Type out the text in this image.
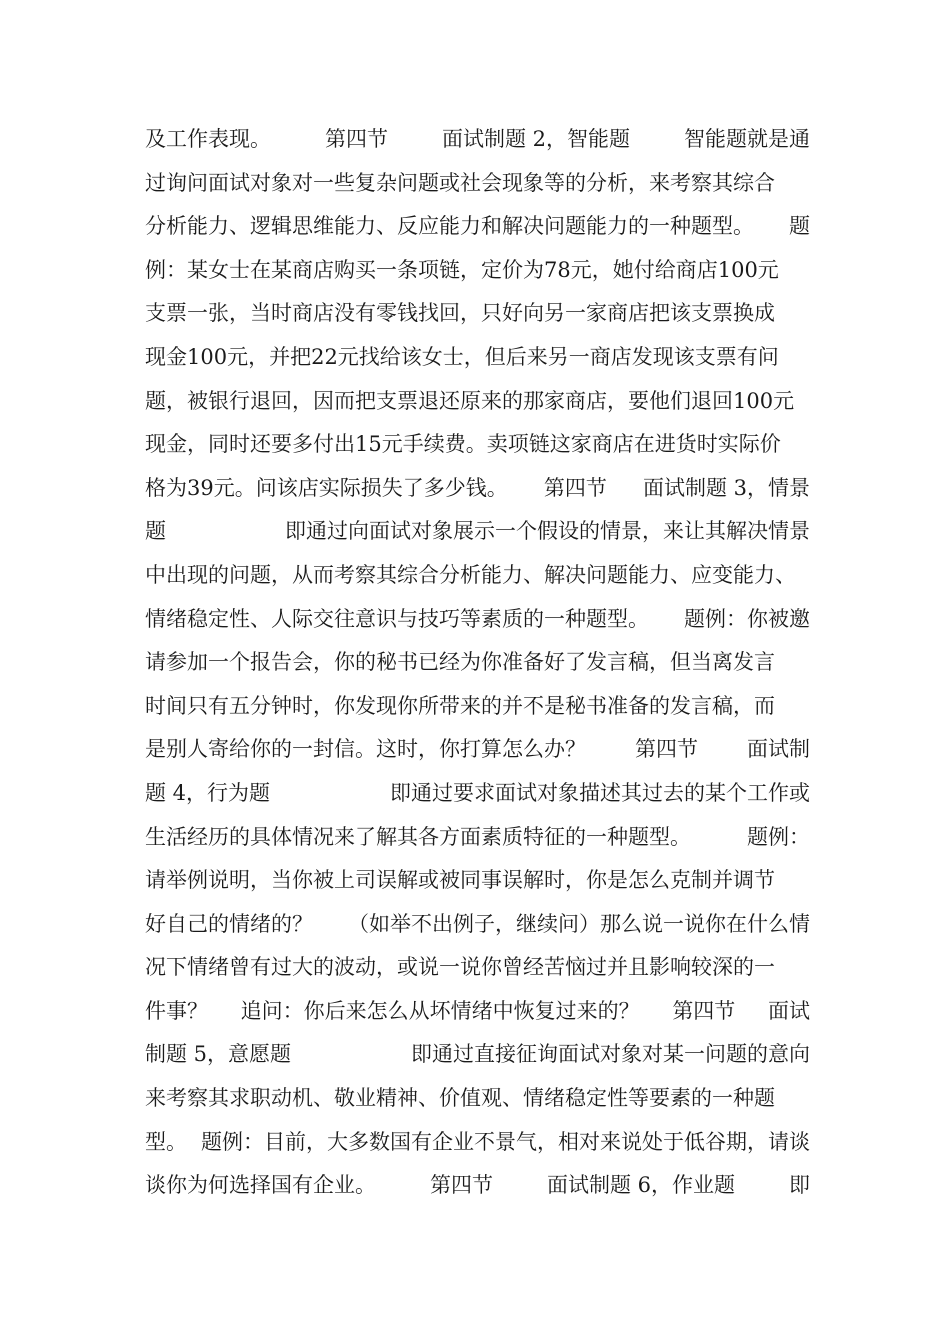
及工作表现。	第四节	面试制题 2，智能题	智能题就是通
过询问面试对象对一些复杂问题或社会现象等的分析，来考察其综合
分析能力、逻辑思维能力、反应能力和解决问题能力的一种题型。 题
例：某女士在某商店购买一条项链，定价为78元，她付给商店100元
支票一张，当时商店没有零钱找回，只好向另一家商店把该支票换成
现金100元，并把22元找给该女士，但后来另一商店发现该支票有问
题，被银行退回，因而把支票退还原来的那家商店，要他们退回100元
现金，同时还要多付出15元手续费。卖项链这家商店在进货时实际价
格为39元。问该店实际损失了多少钱。 第四节 面试制题 3，情景
题	即通过向面试对象展示一个假设的情景，来让其解决情景
中出现的问题，从而考察其综合分析能力、解决问题能力、应变能力、
情绪稳定性、人际交往意识与技巧等素质的一种题型。 题例：你被邀
请参加一个报告会，你的秘书已经为你准备好了发言稿，但当离发言
时间只有五分钟时，你发现你所带来的并不是秘书准备的发言稿，而
是别人寄给你的一封信。这时，你打算怎么办？ 第四节 面试制
题 4，行为题	即通过要求面试对象描述其过去的某个工作或
生活经历的具体情况来了解其各方面素质特征的一种题型。	题例：
请举例说明，当你被上司误解或被同事误解时，你是怎么克制并调节
好自己的情绪的？ （如举不出例子，继续问）那么说一说你在什么情
况下情绪曾有过大的波动，或说一说你曾经苦恼过并且影响较深的一
件事？ 追问：你后来怎么从坏情绪中恢复过来的？ 第四节 面试
制题 5，意愿题	即通过直接征询面试对象对某一问题的意向
来考察其求职动机、敬业精神、价值观、情绪稳定性等要素的一种题
型。 题例：目前，大多数国有企业不景气，相对来说处于低谷期，请谈
谈你为何选择国有企业。	第四节	面试制题 6，作业题	即
